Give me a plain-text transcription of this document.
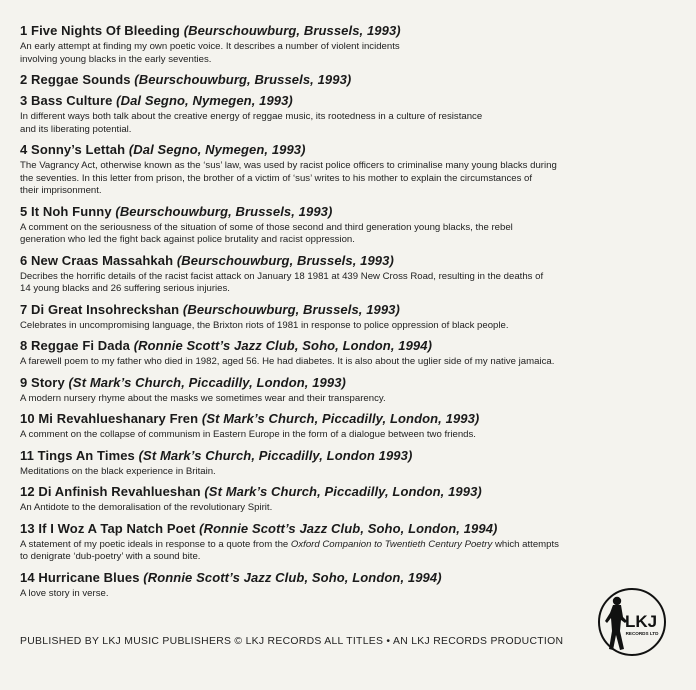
1 Five Nights Of Bleeding (Beurschouwburg, Brussels, 1993)
An early attempt at finding my own poetic voice. It describes a number of violent incidents
involving young blacks in the early seventies.
2 Reggae Sounds (Beurschouwburg, Brussels, 1993)
3 Bass Culture (Dal Segno, Nymegen, 1993)
In different ways both talk about the creative energy of reggae music, its rootedness in a culture of resistance
and its liberating potential.
4 Sonny’s Lettah (Dal Segno, Nymegen, 1993)
The Vagrancy Act, otherwise known as the ‘sus’ law, was used by racist police officers to criminalise many young blacks during
the seventies. In this letter from prison, the brother of a victim of ‘sus’ writes to his mother to explain the circumstances of
their imprisonment.
5 It Noh Funny (Beurschouwburg, Brussels, 1993)
A comment on the seriousness of the situation of some of those second and third generation young blacks, the rebel
generation who led the fight back against police brutality and racist oppression.
6 New Craas Massahkah (Beurschouwburg, Brussels, 1993)
Decribes the horrific details of the racist facist attack on January 18 1981 at 439 New Cross Road, resulting in the deaths of
14 young blacks and 26 suffering serious injuries.
7 Di Great Insohreckshan (Beurschouwburg, Brussels, 1993)
Celebrates in uncompromising language, the Brixton riots of 1981 in response to police oppression of black people.
8 Reggae Fi Dada (Ronnie Scott’s Jazz Club, Soho, London, 1994)
A farewell poem to my father who died in 1982, aged 56. He had diabetes. It is also about the uglier side of my native jamaica.
9 Story (St Mark’s Church, Piccadilly, London, 1993)
A modern nursery rhyme about the masks we sometimes wear and their transparency.
10 Mi Revahlueshanary Fren (St Mark’s Church, Piccadilly, London, 1993)
A comment on the collapse of communism in Eastern Europe in the form of a dialogue between two friends.
11 Tings An Times (St Mark’s Church, Piccadilly, London 1993)
Meditations on the black experience in Britain.
12 Di Anfinish Revahlueshan (St Mark’s Church, Piccadilly, London, 1993)
An Antidote to the demoralisation of the revolutionary Spirit.
13 If I Woz A Tap Natch Poet (Ronnie Scott’s Jazz Club, Soho, London, 1994)
A statement of my poetic ideals in response to a quote from the Oxford Companion to Twentieth Century Poetry which attempts
to denigrate ‘dub-poetry’ with a sound bite.
14 Hurricane Blues (Ronnie Scott’s Jazz Club, Soho, London, 1994)
A love story in verse.
PUBLISHED BY LKJ MUSIC PUBLISHERS © LKJ RECORDS ALL TITLES • AN LKJ RECORDS PRODUCTION
LKJ
RECORDS LTD
